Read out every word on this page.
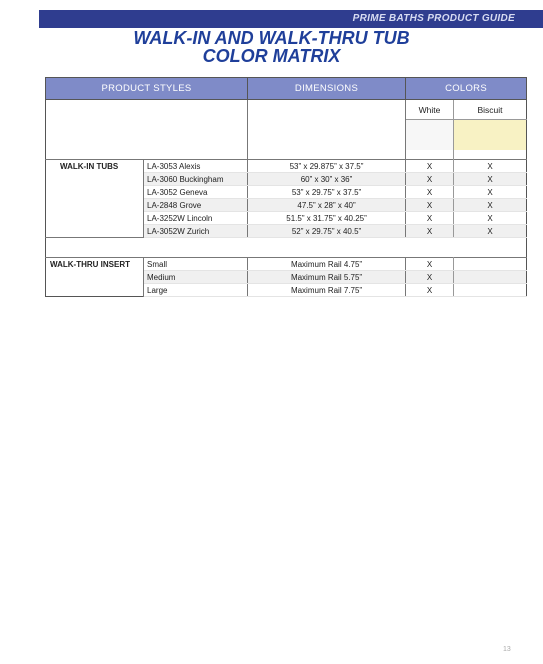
PRIME BATHS PRODUCT GUIDE
WALK-IN AND WALK-THRU TUB
COLOR MATRIX
PRODUCT STYLES		DIMENSIONS	COLORS	
			White	Biscuit

WALK-IN TUBS	LA-3053 Alexis	53” x 29.875” x 37.5”	X	X
	LA-3060 Buckingham	60” x 30” x 36”	X	X
	LA-3052 Geneva	53” x 29.75” x 37.5”	X	X
	LA-2848 Grove	47.5” x 28” x 40”	X	X
	LA-3252W Lincoln	51.5” x 31.75” x 40.25”	X	X
	LA-3052W Zurich	52” x 29.75” x 40.5”	X	X

WALK-THRU INSERT	Small	Maximum Rail 4.75”	X	
	Medium	Maximum Rail 5.75”	X	
	Large	Maximum Rail 7.75”	X	
13
